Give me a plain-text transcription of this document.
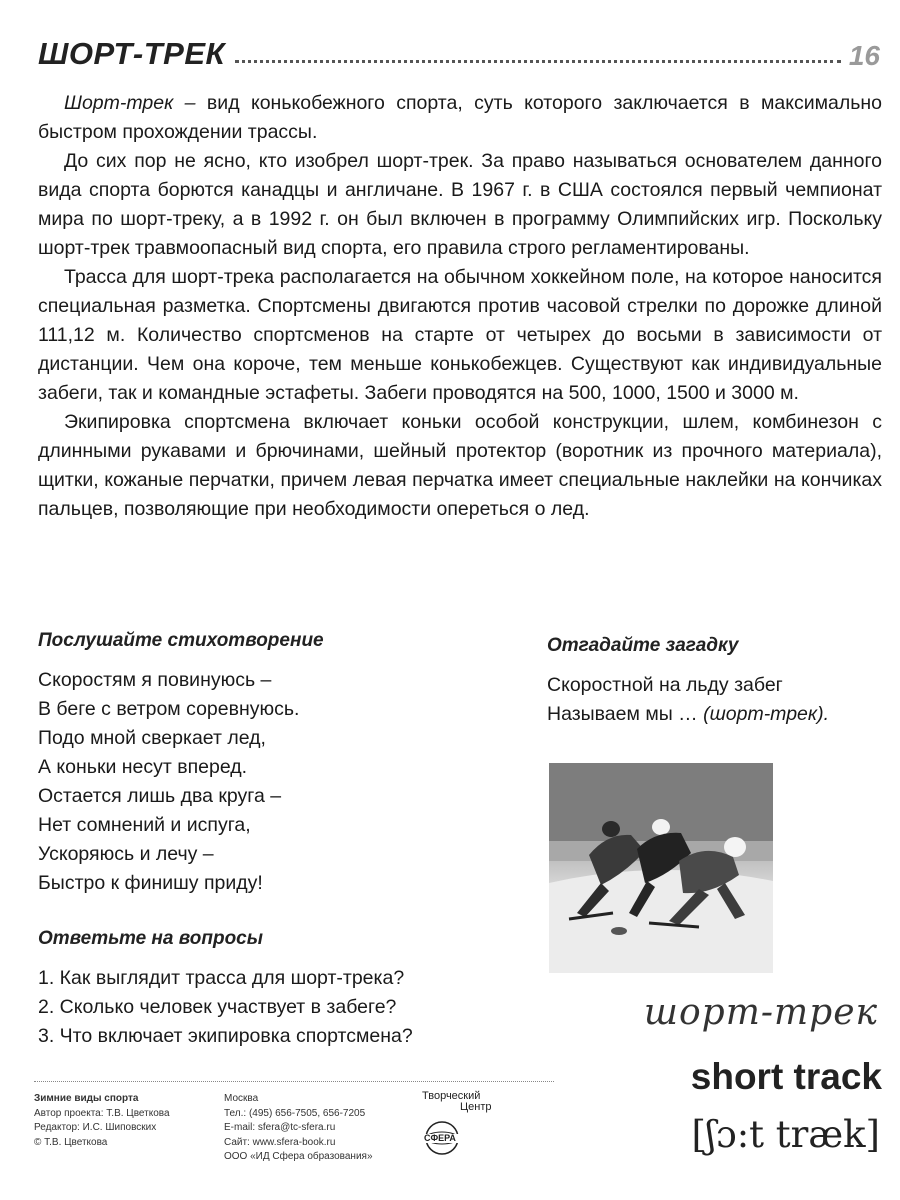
ШОРТ-ТРЕК	16

Шорт-трек – вид конькобежного спорта, суть которого заключается в максимально быстром прохождении трассы.

До сих пор не ясно, кто изобрел шорт-трек. За право называться основателем данного вида спорта борются канадцы и англичане. В 1967 г. в США состоялся первый чемпионат мира по шорт-треку, а в 1992 г. он был включен в программу Олимпийских игр. Поскольку шорт-трек травмоопасный вид спорта, его правила строго регламентированы.

Трасса для шорт-трека располагается на обычном хоккейном поле, на которое наносится специальная разметка. Спортсмены двигаются против часовой стрелки по дорожке длиной 111,12 м. Количество спортсменов на старте от четырех до восьми в зависимости от дистанции. Чем она короче, тем меньше конькобежцев. Существуют как индивидуальные забеги, так и командные эстафеты. Забеги проводятся на 500, 1000, 1500 и 3000 м.

Экипировка спортсмена включает коньки особой конструкции, шлем, комбинезон с длинными рукавами и брючинами, шейный протектор (воротник из прочного материала), щитки, кожаные перчатки, причем левая перчатка имеет специальные наклейки на кончиках пальцев, позволяющие при необходимости опереться о лед.

Послушайте стихотворение
Скоростям я повинуюсь –
В беге с ветром соревнуюсь.
Подо мной сверкает лед,
А коньки несут вперед.
Остается лишь два круга –
Нет сомнений и испуга,
Ускоряюсь и лечу –
Быстро к финишу приду!
Ответьте на вопросы
1. Как выглядит трасса для шорт-трека?
2. Сколько человек участвует в забеге?
3. Что включает экипировка спортсмена?
Отгадайте загадку
Скоростной на льду забег
Называем мы … (шорт-трек).
шорт-трек
short track
[ʃɔ:t træk]
Зимние виды спорта
Автор проекта: Т.В. Цветкова
Редактор: И.С. Шиповских
© Т.В. Цветкова
Москва
Тел.: (495) 656-7505, 656-7205
E-mail: sfera@tc-sfera.ru
Сайт: www.sfera-book.ru
ООО «ИД Сфера образования»
Творческий
Центр
СФЕРА
